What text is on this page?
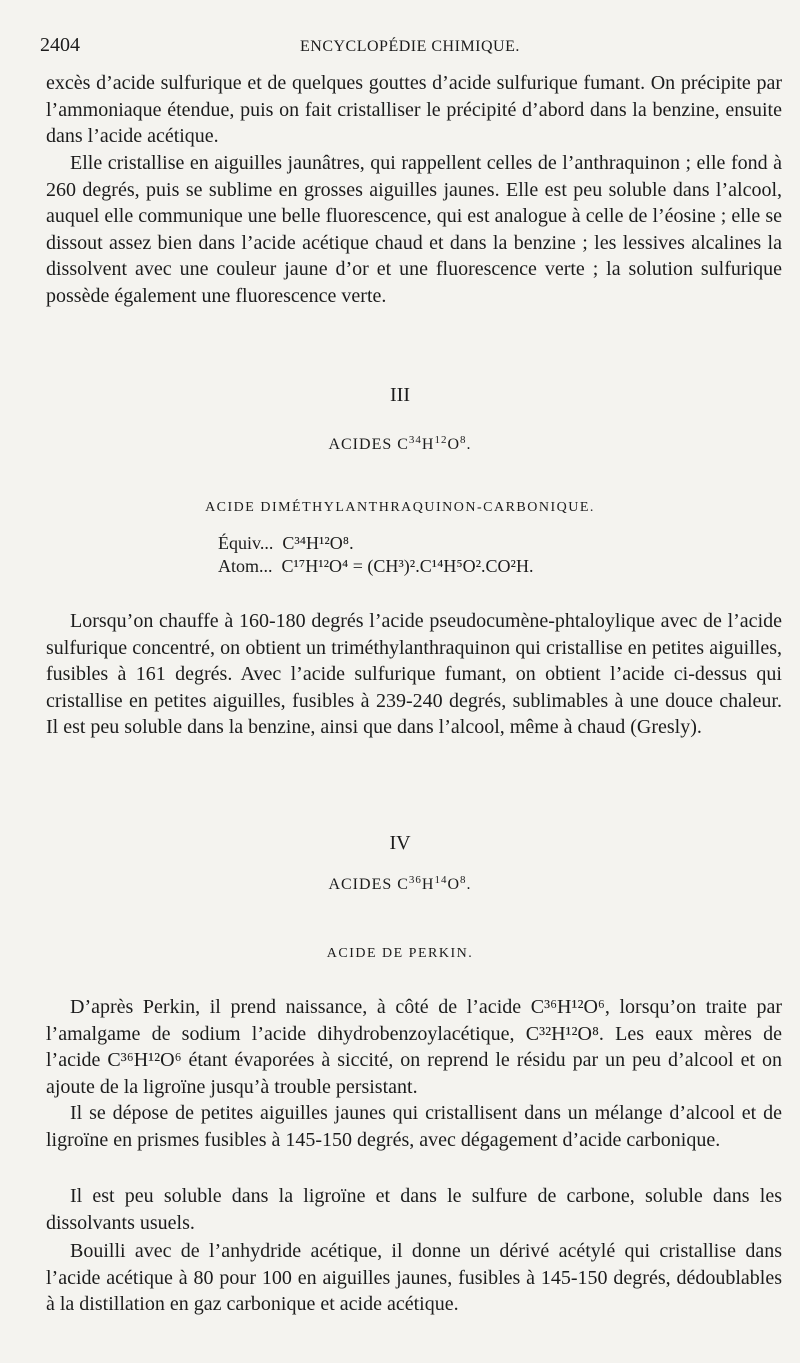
2404	ENCYCLOPÉDIE CHIMIQUE.

excès d’acide sulfurique et de quelques gouttes d’acide sulfurique fumant. On précipite par l’ammoniaque étendue, puis on fait cristalliser le précipité d’abord dans la benzine, ensuite dans l’acide acétique.

Elle cristallise en aiguilles jaunâtres, qui rappellent celles de l’anthraquinon ; elle fond à 260 degrés, puis se sublime en grosses aiguilles jaunes. Elle est peu soluble dans l’alcool, auquel elle communique une belle fluorescence, qui est analogue à celle de l’éosine ; elle se dissout assez bien dans l’acide acétique chaud et dans la benzine ; les lessives alcalines la dissolvent avec une couleur jaune d’or et une fluorescence verte ; la solution sulfurique possède également une fluorescence verte.

III

ACIDES $C^{34}H^{12}O^8$.

ACIDE DIMÉTHYLANTHRAQUINON-CARBONIQUE.

Équiv... C³⁴H¹²O⁸.

Atom... C¹⁷H¹²O⁴ = (CH³)².C¹⁴H⁵O².CO²H.

Lorsqu’on chauffe à 160-180 degrés l’acide pseudocumène-phtaloylique avec de l’acide sulfurique concentré, on obtient un triméthylanthraquinon qui cristallise en petites aiguilles, fusibles à 161 degrés. Avec l’acide sulfurique fumant, on obtient l’acide ci-dessus qui cristallise en petites aiguilles, fusibles à 239-240 degrés, sublimables à une douce chaleur. Il est peu soluble dans la benzine, ainsi que dans l’alcool, même à chaud (Gresly).

IV

ACIDES $C^{36}H^{14}O^8$.

ACIDE DE PERKIN.

D’après Perkin, il prend naissance, à côté de l’acide C³⁶H¹²O⁶, lorsqu’on traite par l’amalgame de sodium l’acide dihydrobenzoylacétique, C³²H¹²O⁸. Les eaux mères de l’acide C³⁶H¹²O⁶ étant évaporées à siccité, on reprend le résidu par un peu d’alcool et on ajoute de la ligroïne jusqu’à trouble persistant.

Il se dépose de petites aiguilles jaunes qui cristallisent dans un mélange d’alcool et de ligroïne en prismes fusibles à 145-150 degrés, avec dégagement d’acide carbonique.

Il est peu soluble dans la ligroïne et dans le sulfure de carbone, soluble dans les dissolvants usuels.

Bouilli avec de l’anhydride acétique, il donne un dérivé acétylé qui cristallise dans l’acide acétique à 80 pour 100 en aiguilles jaunes, fusibles à 145-150 degrés, dédoublables à la distillation en gaz carbonique et acide acétique.
